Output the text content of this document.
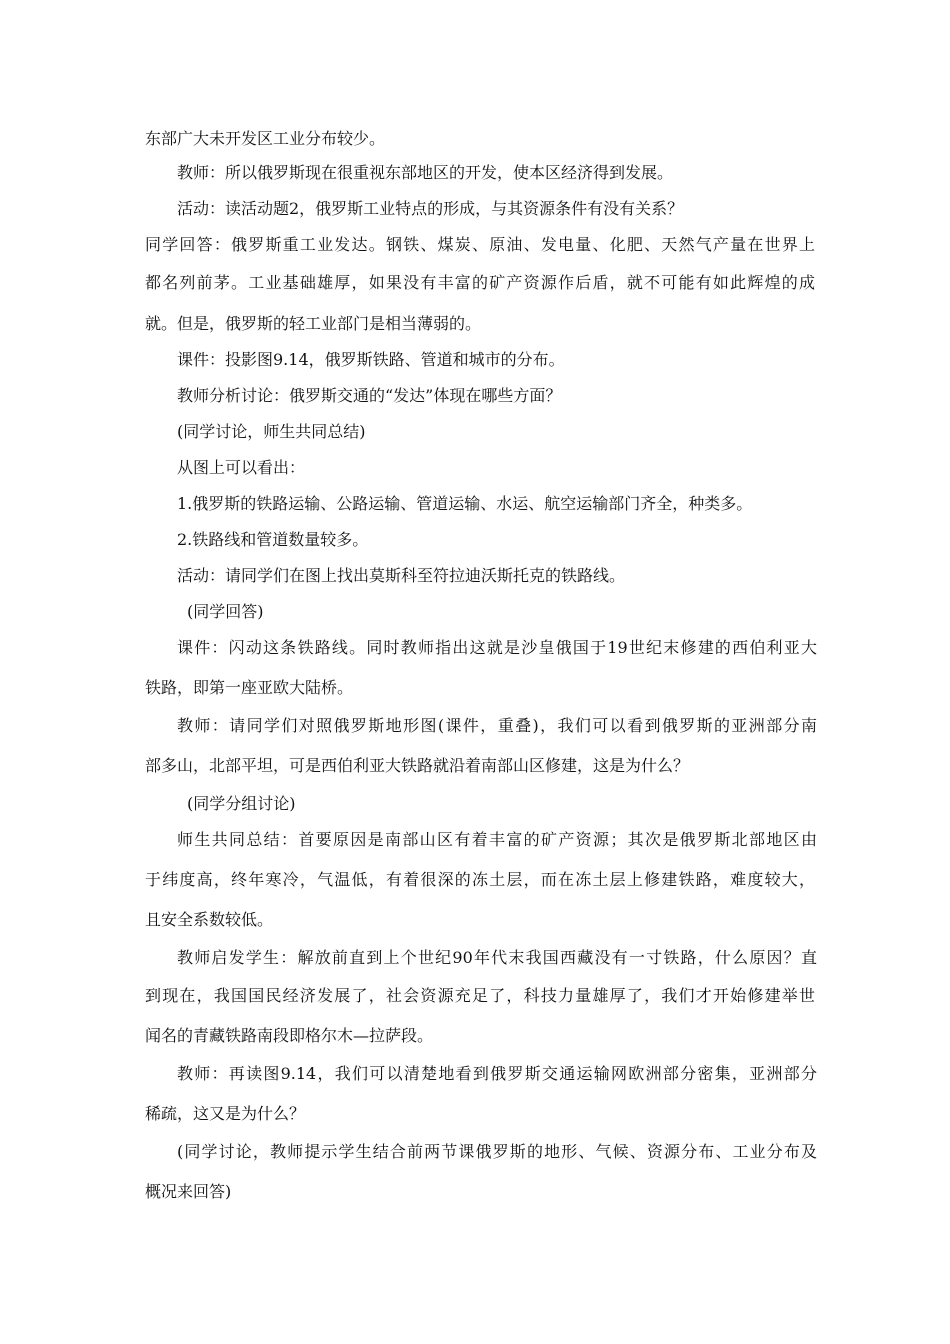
东部广大未开发区工业分布较少。
教师：所以俄罗斯现在很重视东部地区的开发，使本区经济得到发展。
活动：读活动题2，俄罗斯工业特点的形成，与其资源条件有没有关系？
同学回答：俄罗斯重工业发达。钢铁、煤炭、原油、发电量、化肥、天然气产量在世界上
都名列前茅。工业基础雄厚，如果没有丰富的矿产资源作后盾，就不可能有如此辉煌的成
就。但是，俄罗斯的轻工业部门是相当薄弱的。
课件：投影图9.14，俄罗斯铁路、管道和城市的分布。
教师分析讨论：俄罗斯交通的“发达”体现在哪些方面？
(同学讨论，师生共同总结)
从图上可以看出：
1.俄罗斯的铁路运输、公路运输、管道运输、水运、航空运输部门齐全，种类多。
2.铁路线和管道数量较多。
活动：请同学们在图上找出莫斯科至符拉迪沃斯托克的铁路线。
(同学回答)
课件：闪动这条铁路线。同时教师指出这就是沙皇俄国于19世纪末修建的西伯利亚大
铁路，即第一座亚欧大陆桥。
教师：请同学们对照俄罗斯地形图(课件，重叠)，我们可以看到俄罗斯的亚洲部分南
部多山，北部平坦，可是西伯利亚大铁路就沿着南部山区修建，这是为什么？
(同学分组讨论)
师生共同总结：首要原因是南部山区有着丰富的矿产资源；其次是俄罗斯北部地区由
于纬度高，终年寒冷，气温低，有着很深的冻土层，而在冻土层上修建铁路，难度较大，
且安全系数较低。
教师启发学生：解放前直到上个世纪90年代末我国西藏没有一寸铁路，什么原因？直
到现在，我国国民经济发展了，社会资源充足了，科技力量雄厚了，我们才开始修建举世
闻名的青藏铁路南段即格尔木—拉萨段。
教师：再读图9.14，我们可以清楚地看到俄罗斯交通运输网欧洲部分密集，亚洲部分
稀疏，这又是为什么？
(同学讨论，教师提示学生结合前两节课俄罗斯的地形、气候、资源分布、工业分布及
概况来回答)
